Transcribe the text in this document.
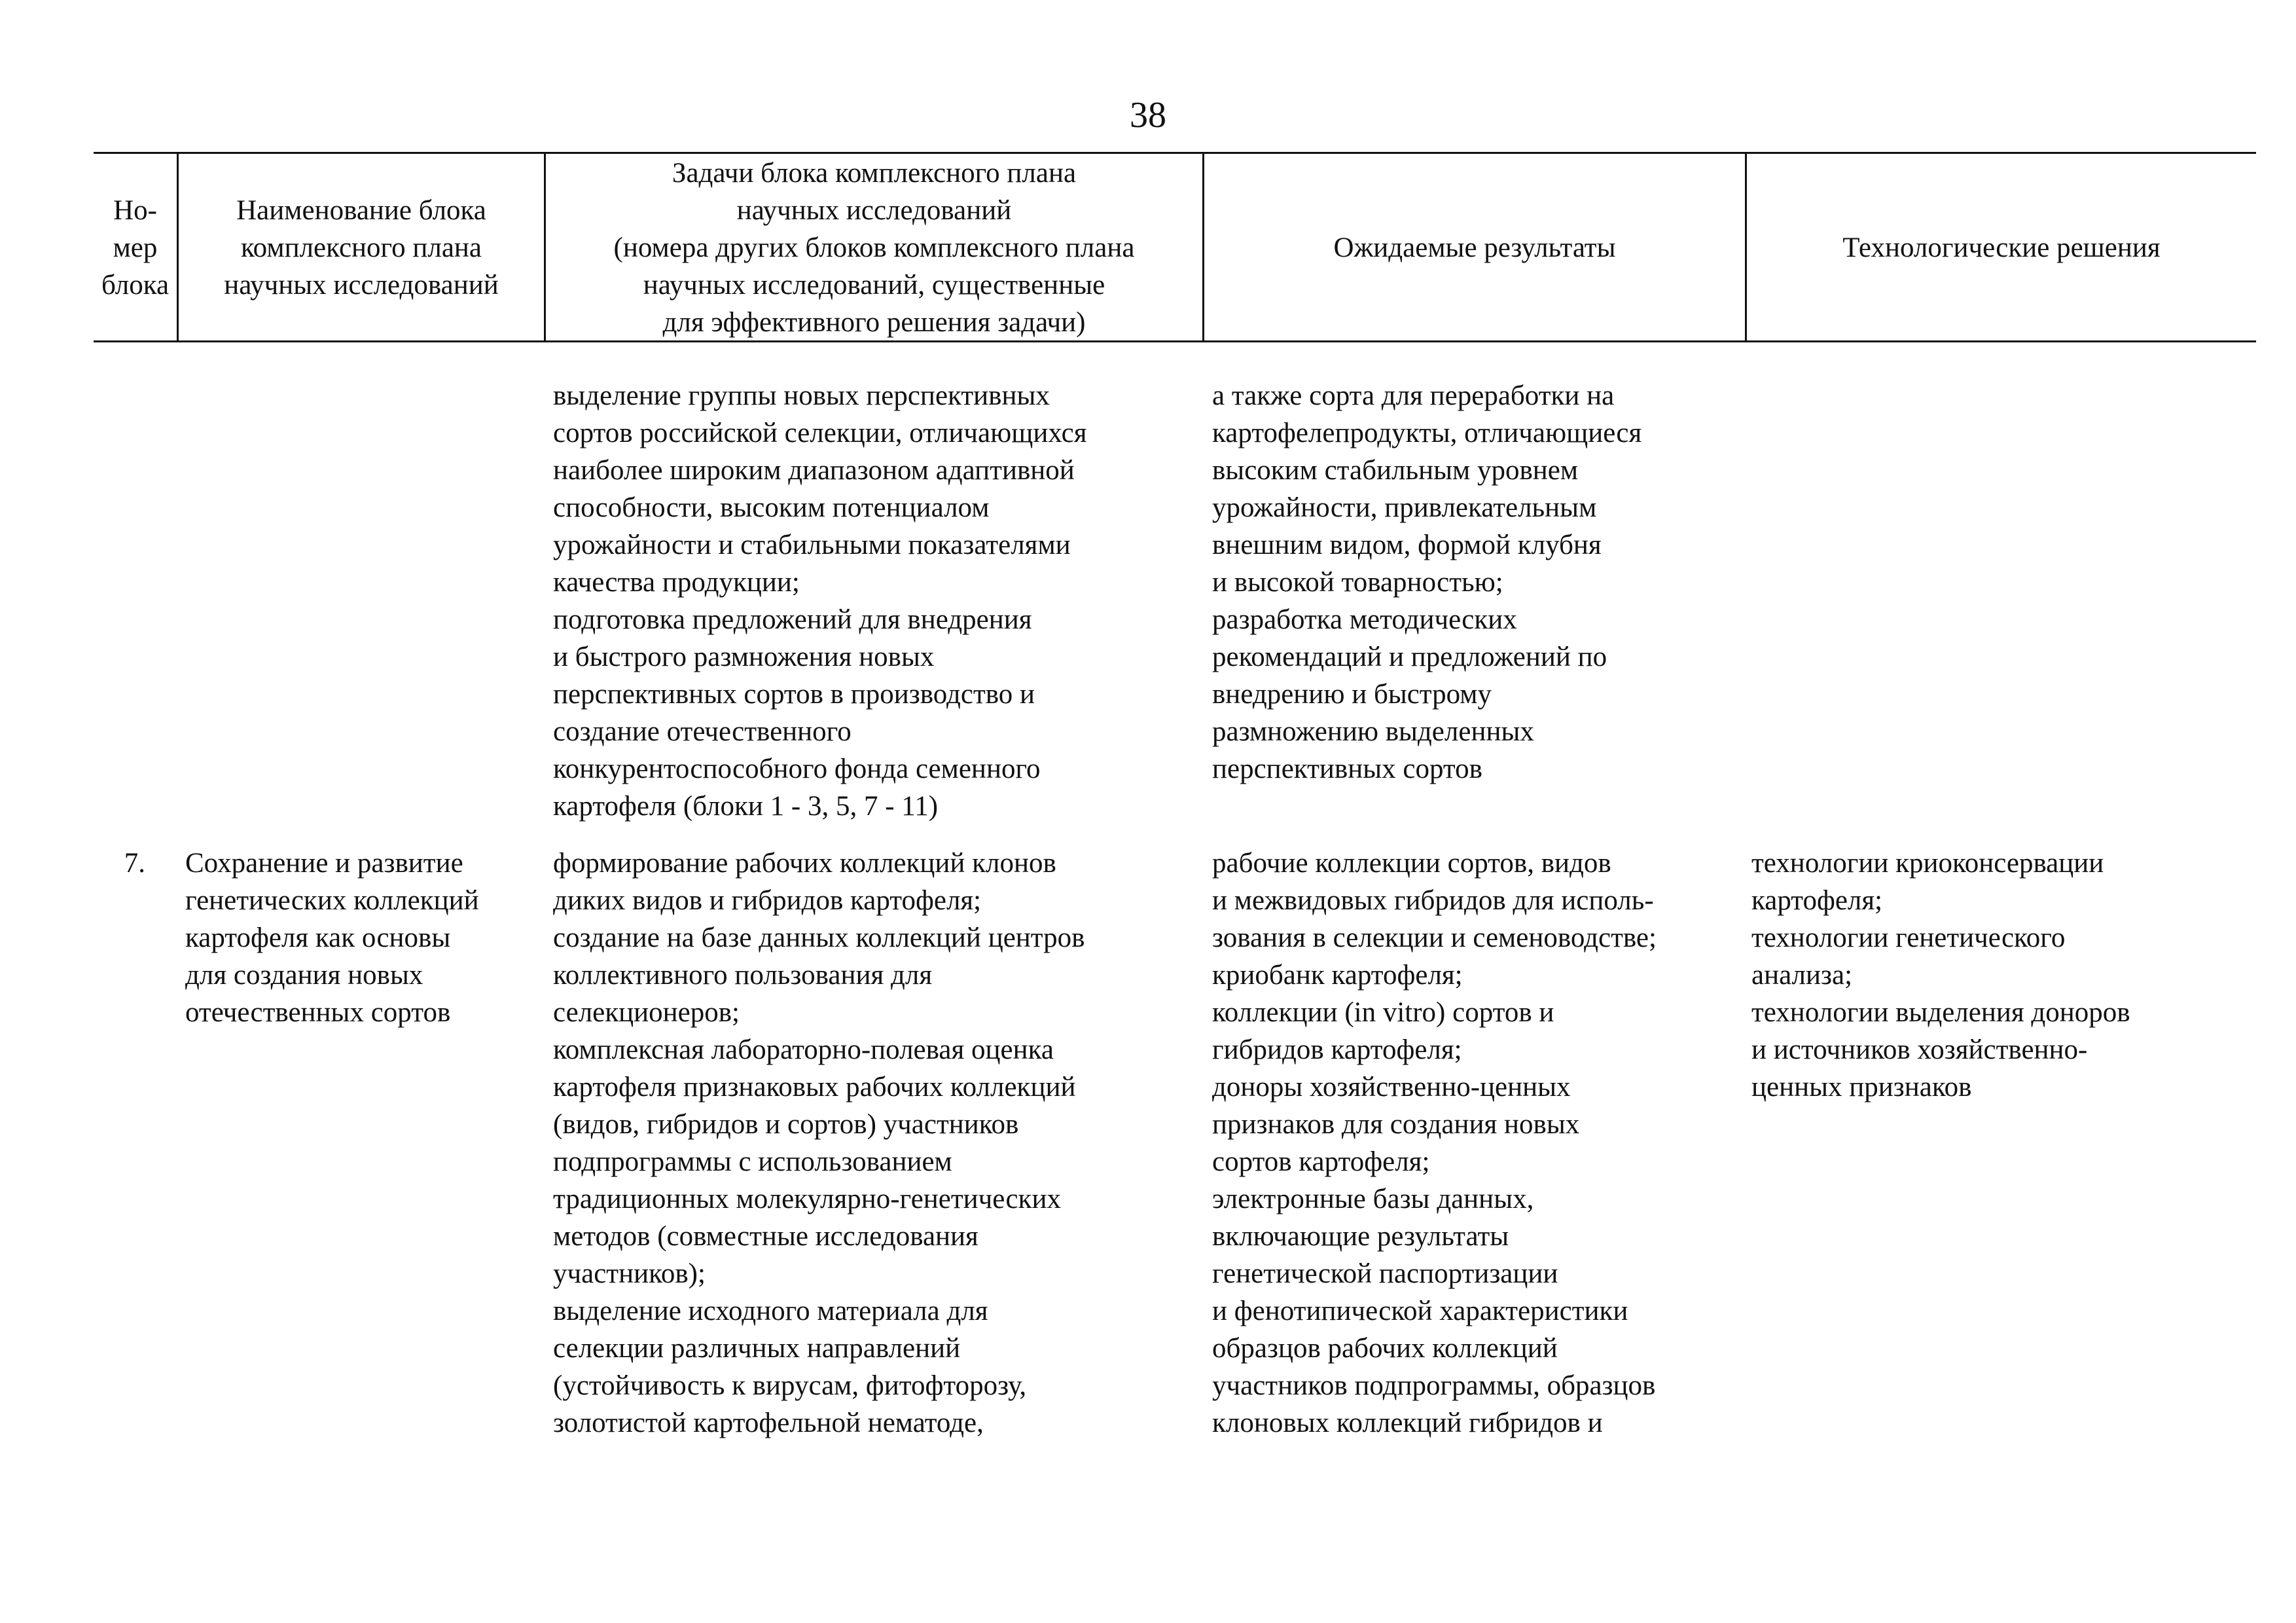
38
Но-
мер
блока
Наименование блока
комплексного плана
научных исследований
Задачи блока комплексного плана
научных исследований
(номера других блоков комплексного плана
научных исследований, существенные
для эффективного решения задачи)
Ожидаемые результаты	Технологические решения
выделение группы новых перспективных
сортов российской селекции, отличающихся
наиболее широким диапазоном адаптивной
способности, высоким потенциалом
урожайности и стабильными показателями
качества продукции;
подготовка предложений для внедрения
и быстрого размножения новых
перспективных сортов в производство и
создание отечественного
конкурентоспособного фонда семенного
картофеля (блоки 1 - 3, 5, 7 - 11)
а также сорта для переработки на
картофелепродукты, отличающиеся
высоким стабильным уровнем
урожайности, привлекательным
внешним видом, формой клубня
и высокой товарностью;
разработка методических
рекомендаций и предложений по
внедрению и быстрому
размножению выделенных
перспективных сортов
7. Сохранение и развитие
генетических коллекций
картофеля как основы
для создания новых
отечественных сортов
формирование рабочих коллекций клонов
диких видов и гибридов картофеля;
создание на базе данных коллекций центров
коллективного пользования для
селекционеров;
комплексная лабораторно-полевая оценка
картофеля признаковых рабочих коллекций
(видов, гибридов и сортов) участников
подпрограммы с использованием
традиционных молекулярно-генетических
методов (совместные исследования
участников);
выделение исходного материала для
селекции различных направлений
(устойчивость к вирусам, фитофторозу,
золотистой картофельной нематоде,
рабочие коллекции сортов, видов
и межвидовых гибридов для исполь-
зования в селекции и семеноводстве;
криобанк картофеля;
коллекции (in vitro) сортов и
гибридов картофеля;
доноры хозяйственно-ценных
признаков для создания новых
сортов картофеля;
электронные базы данных,
включающие результаты
генетической паспортизации
и фенотипической характеристики
образцов рабочих коллекций
участников подпрограммы, образцов
клоновых коллекций гибридов и
технологии криоконсервации
картофеля;
технологии генетического
анализа;
технологии выделения доноров
и источников хозяйственно-
ценных признаков
